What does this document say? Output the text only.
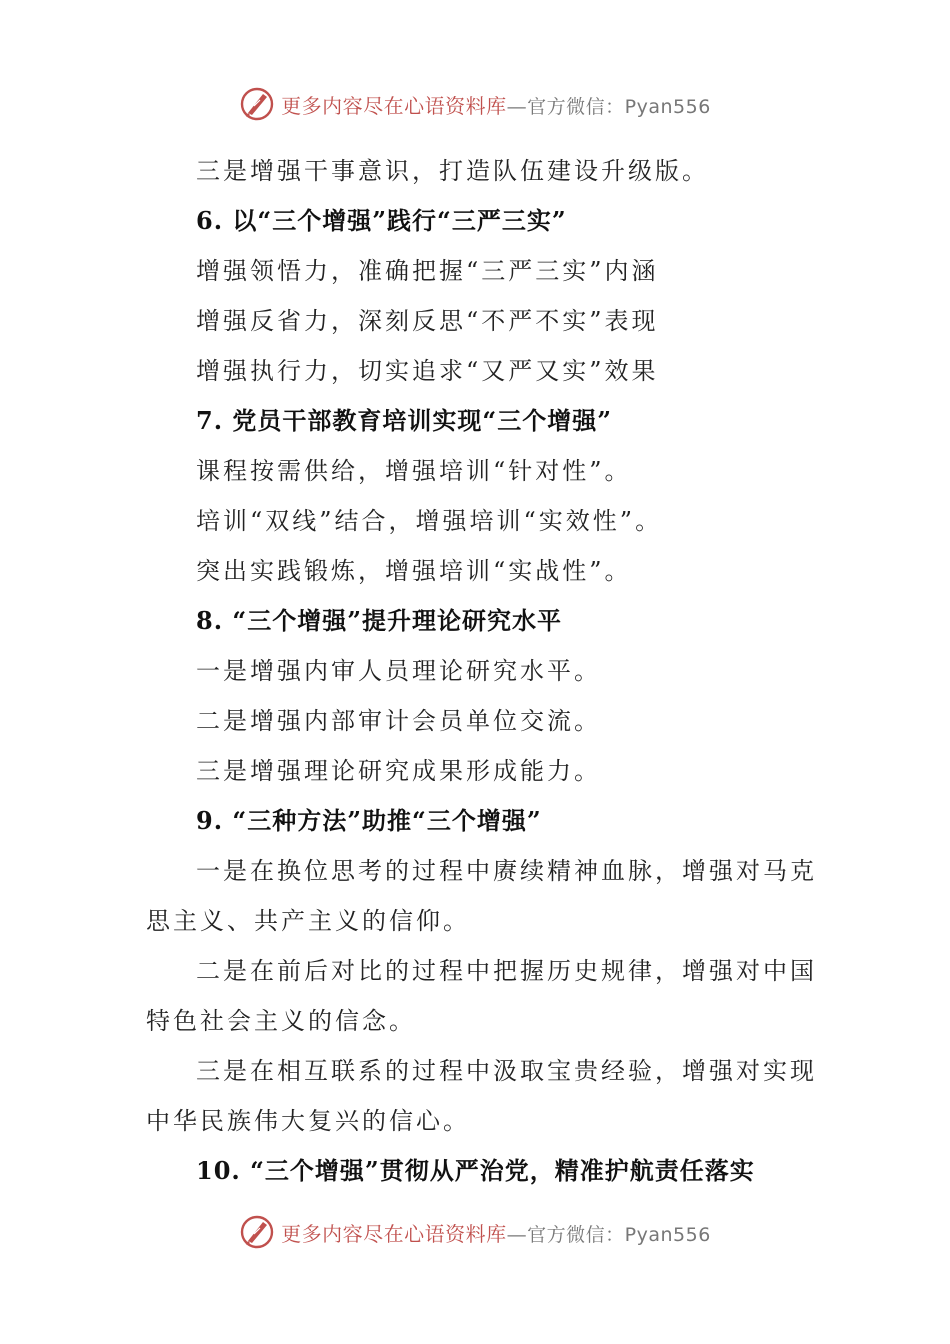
更多内容尽在心语资料库—官方微信：Pyan556

三是增强干事意识，打造队伍建设升级版。

6. 以“三个增强”践行“三严三实”

增强领悟力，准确把握“三严三实”内涵

增强反省力，深刻反思“不严不实”表现

增强执行力，切实追求“又严又实”效果

7. 党员干部教育培训实现“三个增强”

课程按需供给，增强培训“针对性”。

培训“双线”结合，增强培训“实效性”。

突出实践锻炼，增强培训“实战性”。

8. “三个增强”提升理论研究水平

一是增强内审人员理论研究水平。

二是增强内部审计会员单位交流。

三是增强理论研究成果形成能力。

9. “三种方法”助推“三个增强”

一是在换位思考的过程中赓续精神血脉，增强对马克

思主义、共产主义的信仰。

二是在前后对比的过程中把握历史规律，增强对中国

特色社会主义的信念。

三是在相互联系的过程中汲取宝贵经验，增强对实现

中华民族伟大复兴的信心。

10. “三个增强”贯彻从严治党，精准护航责任落实

更多内容尽在心语资料库—官方微信：Pyan556
